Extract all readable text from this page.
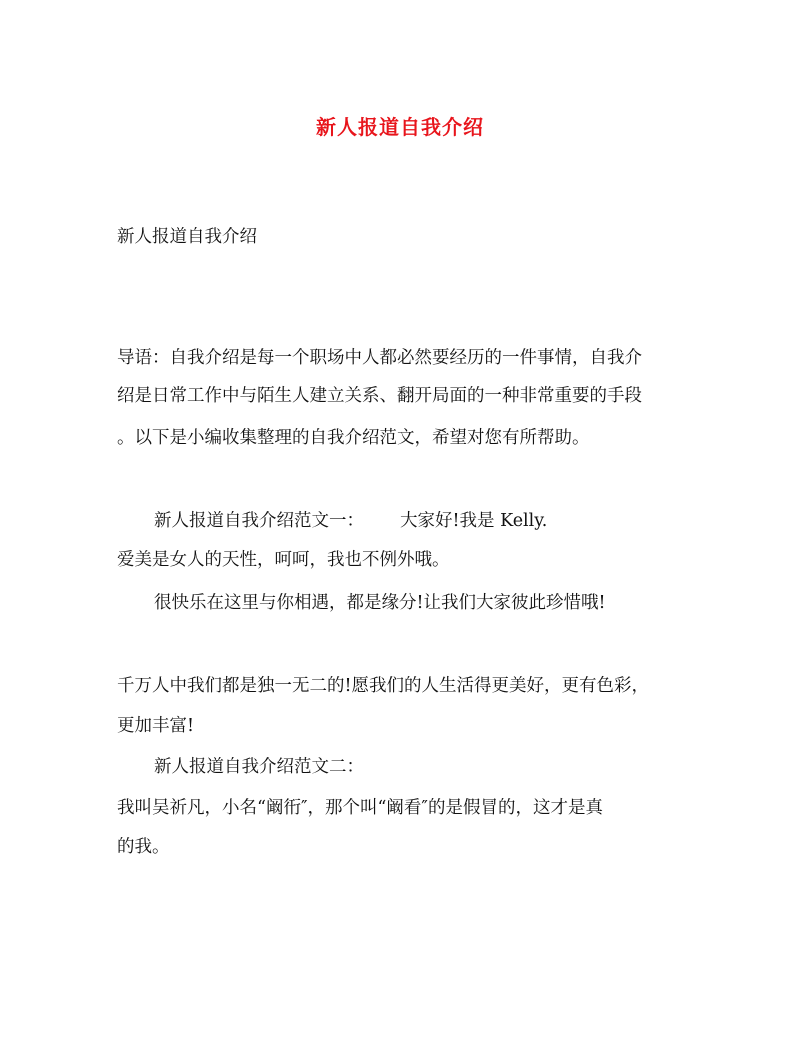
新人报道自我介绍
新人报道自我介绍
导语：自我介绍是每一个职场中人都必然要经历的一件事情，自我介
绍是日常工作中与陌生人建立关系、翻开局面的一种非常重要的手段
。以下是小编收集整理的自我介绍范文，希望对您有所帮助。
新人报道自我介绍范文一： 大家好!我是 Kelly.
爱美是女人的天性，呵呵，我也不例外哦。
很快乐在这里与你相遇，都是缘分!让我们大家彼此珍惜哦!
千万人中我们都是独一无二的!愿我们的人生活得更美好，更有色彩，
更加丰富!
新人报道自我介绍范文二：
我叫吴祈凡，小名“阚衎″，那个叫“阚看″的是假冒的，这才是真
的我。
